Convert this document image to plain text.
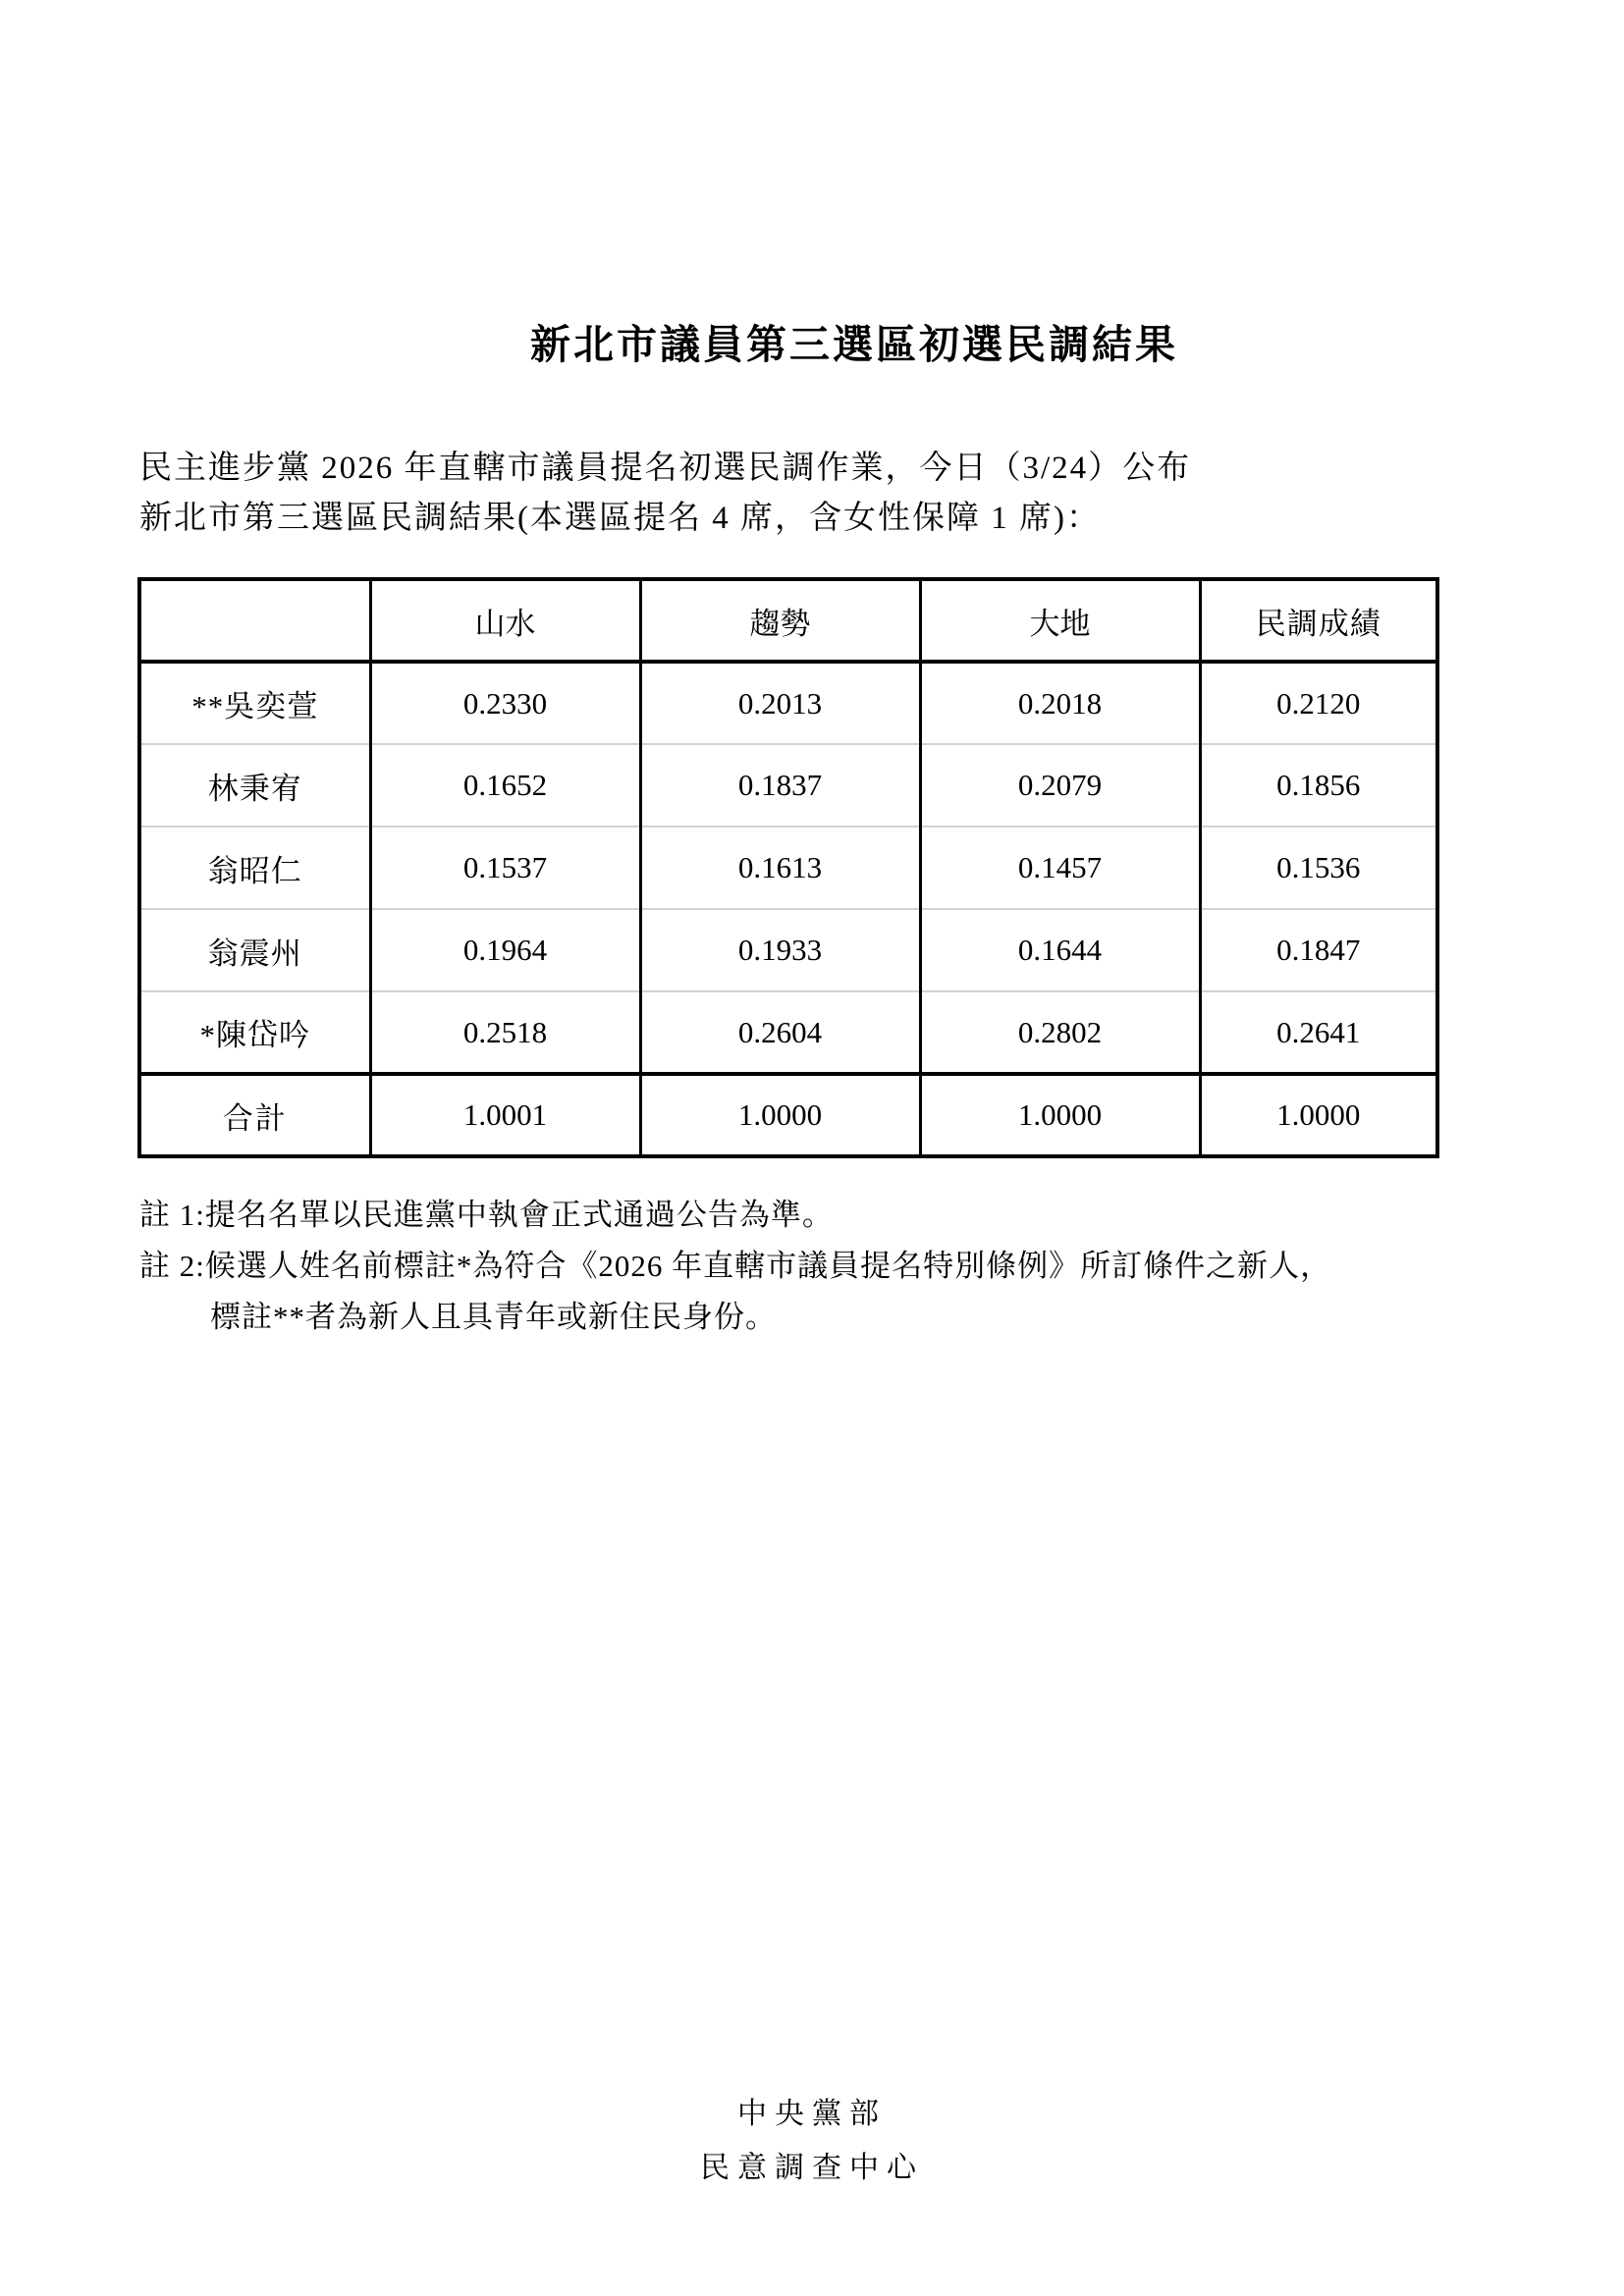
新北市議員第三選區初選民調結果
民主進步黨 2026 年直轄市議員提名初選民調作業，今日（3/24）公布
新北市第三選區民調結果(本選區提名 4 席，含女性保障 1 席)：
	山水	趨勢	大地	民調成績
**吳奕萱	0.2330	0.2013	0.2018	0.2120
林秉宥	0.1652	0.1837	0.2079	0.1856
翁昭仁	0.1537	0.1613	0.1457	0.1536
翁震州	0.1964	0.1933	0.1644	0.1847
*陳岱吟	0.2518	0.2604	0.2802	0.2641
合計	1.0001	1.0000	1.0000	1.0000
註 1:提名名單以民進黨中執會正式通過公告為準。
註 2:候選人姓名前標註*為符合《2026 年直轄市議員提名特別條例》所訂條件之新人，
標註**者為新人且具青年或新住民身份。
中央黨部
民意調查中心
